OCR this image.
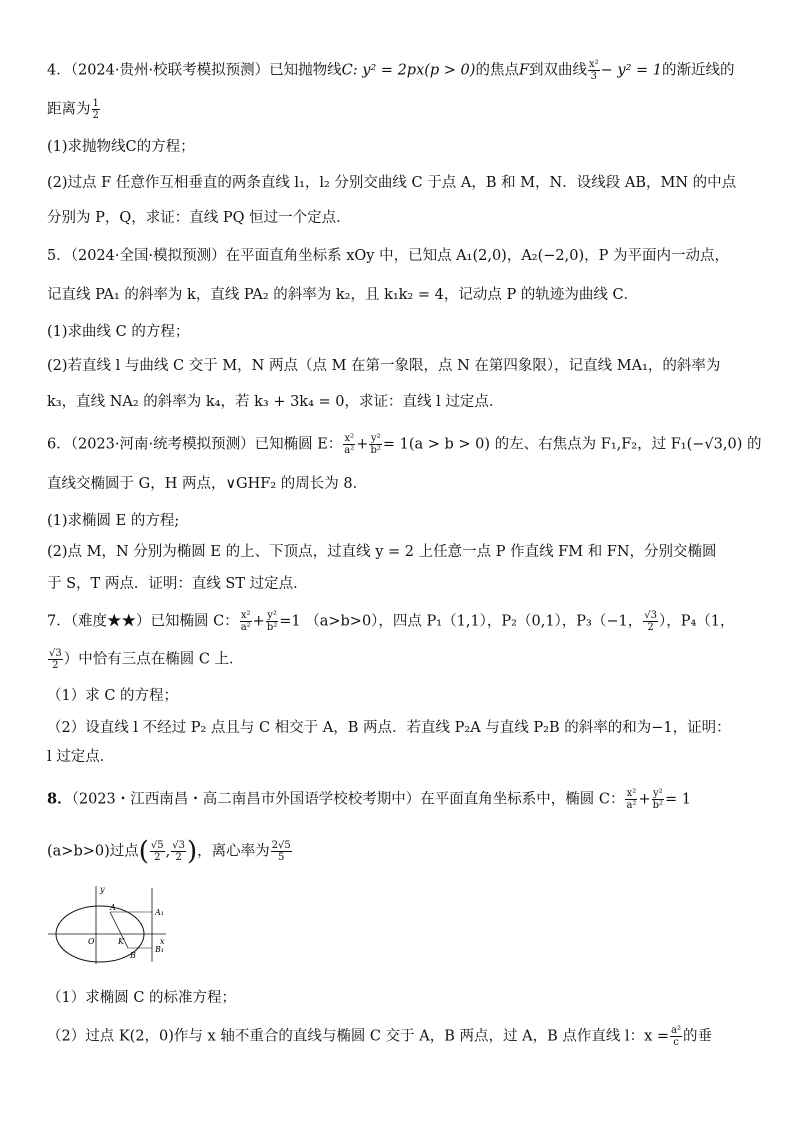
4．（2024·贵州·校联考模拟预测）已知抛物线C: y² = 2px(p > 0)的焦点F到双曲线 $\frac{\text{x²}}{3} - y^2 = 1$的渐近线的
距离为 $\frac{1}{2}$
(1)求抛物线C的方程；
(2)过点 F 任意作互相垂直的两条直线 l₁，l₂ 分别交曲线 C 于点 A，B 和 M，N．设线段 AB，MN 的中点
分别为 P，Q，求证：直线 PQ 恒过一个定点．
5．（2024·全国·模拟预测）在平面直角坐标系 xOy 中，已知点 A₁(2,0)，A₂(−2,0)，P 为平面内一动点，
记直线 PA₁ 的斜率为 k，直线 PA₂ 的斜率为 k₂，且 k₁k₂ = 4，记动点 P 的轨迹为曲线 C．
(1)求曲线 C 的方程；
(2)若直线 l 与曲线 C 交于 M，N 两点（点 M 在第一象限，点 N 在第四象限），记直线 MA₁，的斜率为
k₃，直线 NA₂ 的斜率为 k₄，若 k₃ + 3k₄ = 0，求证：直线 l 过定点．
6．（2023·河南·统考模拟预测）已知椭圆 E： $\frac{\text{x²}}{\text{a²}} + \frac{\text{y²}}{\text{b²}} = 1(a > b > 0)$ 的左、右焦点为 F₁,F₂，过 F₁(−√3,0) 的
直线交椭圆于 G，H 两点，∨GHF₂ 的周长为 8．
(1)求椭圆 E 的方程;
(2)点 M，N 分别为椭圆 E 的上、下顶点，过直线 y = 2 上任意一点 P 作直线 FM 和 FN，分别交椭圆
于 S，T 两点．证明：直线 ST 过定点．
7．（难度★★）已知椭圆 C： $\frac{\text{x²}}{\text{a²}} + \frac{\text{y²}}{\text{b²}} =1$ （a>b>0），四点 P₁（1,1），P₂（0,1），P₃（−1， $\frac{√3}{2}$ ），P₄（1，
$\frac{√3}{2}$ ）中恰有三点在椭圆 C 上．
（1）求 C 的方程；
（2）设直线 l 不经过 P₂ 点且与 C 相交于 A，B 两点．若直线 P₂A 与直线 P₂B 的斜率的和为−1，证明：
l 过定点．
8．（2023・江西南昌・高二南昌市外国语学校校考期中）在平面直角坐标系中，椭圆 C： $\frac{\text{x²}}{\text{a²}} + \frac{\text{y²}}{\text{b²}} = 1$
(a>b>0)过点( $\frac{√5}{2}$ , $\frac{√3}{2}$ )，离心率为 $\frac{2√5}{5}$
y
x
O
A
B
K
A₁
B₁
（1）求椭圆 C 的标准方程；
（2）过点 K(2，0)作与 x 轴不重合的直线与椭圆 C 交于 A，B 两点，过 A，B 点作直线 l：$x = \frac{\text{a²}}{c}$ 的垂
